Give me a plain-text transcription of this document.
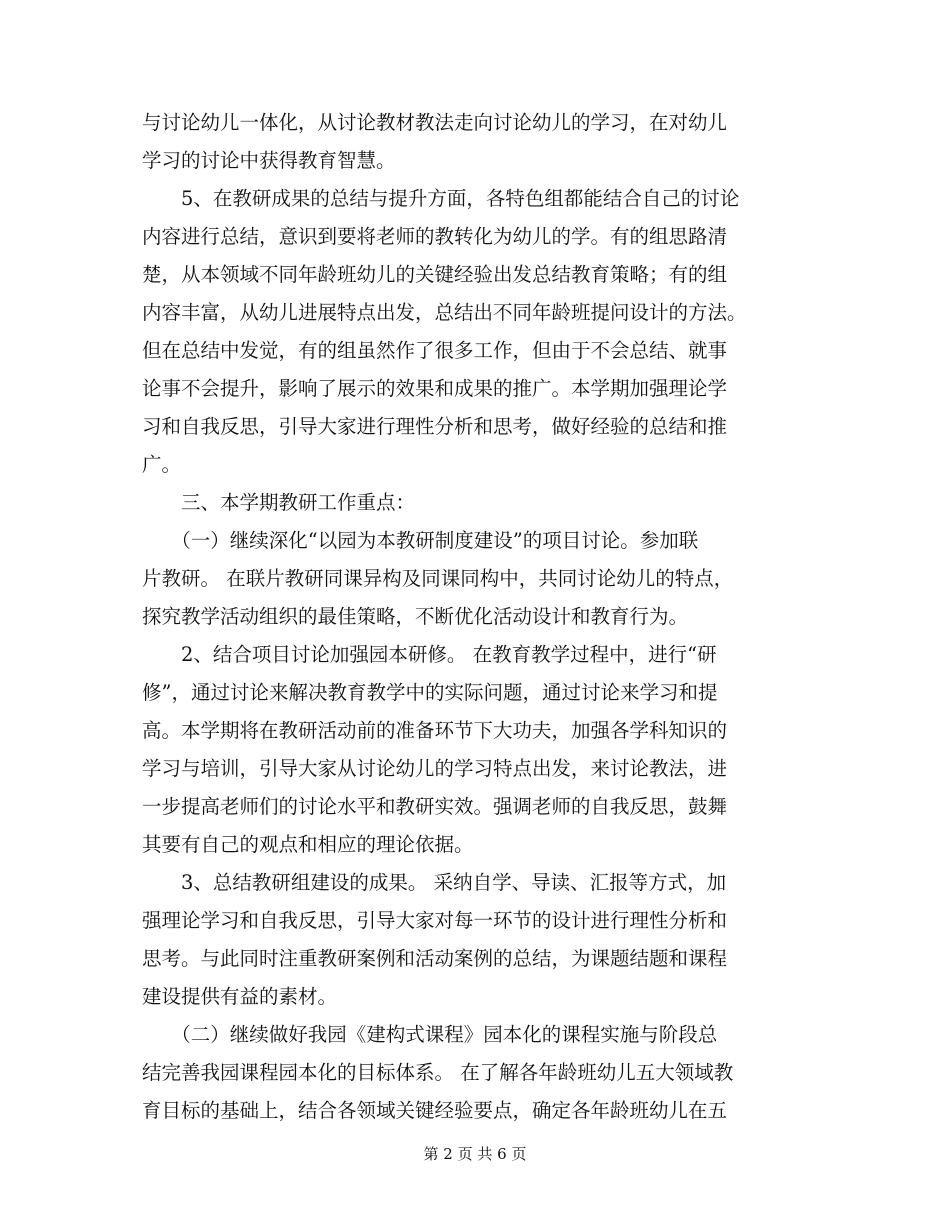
与讨论幼儿一体化，从讨论教材教法走向讨论幼儿的学习，在对幼儿
学习的讨论中获得教育智慧。
　　5、在教研成果的总结与提升方面，各特色组都能结合自己的讨论
内容进行总结，意识到要将老师的教转化为幼儿的学。有的组思路清
楚，从本领域不同年龄班幼儿的关键经验出发总结教育策略；有的组
内容丰富，从幼儿进展特点出发，总结出不同年龄班提问设计的方法。
但在总结中发觉，有的组虽然作了很多工作，但由于不会总结、就事
论事不会提升，影响了展示的效果和成果的推广。本学期加强理论学
习和自我反思，引导大家进行理性分析和思考，做好经验的总结和推
广。
　　三、本学期教研工作重点：
　　（一）继续深化“以园为本教研制度建设”的项目讨论。参加联
片教研。 在联片教研同课异构及同课同构中，共同讨论幼儿的特点，
探究教学活动组织的最佳策略，不断优化活动设计和教育行为。
　　2、结合项目讨论加强园本研修。 在教育教学过程中，进行“研
修”，通过讨论来解决教育教学中的实际问题，通过讨论来学习和提
高。本学期将在教研活动前的准备环节下大功夫，加强各学科知识的
学习与培训，引导大家从讨论幼儿的学习特点出发，来讨论教法，进
一步提高老师们的讨论水平和教研实效。强调老师的自我反思，鼓舞
其要有自己的观点和相应的理论依据。
　　3、总结教研组建设的成果。 采纳自学、导读、汇报等方式，加
强理论学习和自我反思，引导大家对每一环节的设计进行理性分析和
思考。与此同时注重教研案例和活动案例的总结，为课题结题和课程
建设提供有益的素材。
　　（二）继续做好我园《建构式课程》园本化的课程实施与阶段总
结完善我园课程园本化的目标体系。 在了解各年龄班幼儿五大领域教
育目标的基础上，结合各领域关键经验要点，确定各年龄班幼儿在五
第 2 页 共 6 页
